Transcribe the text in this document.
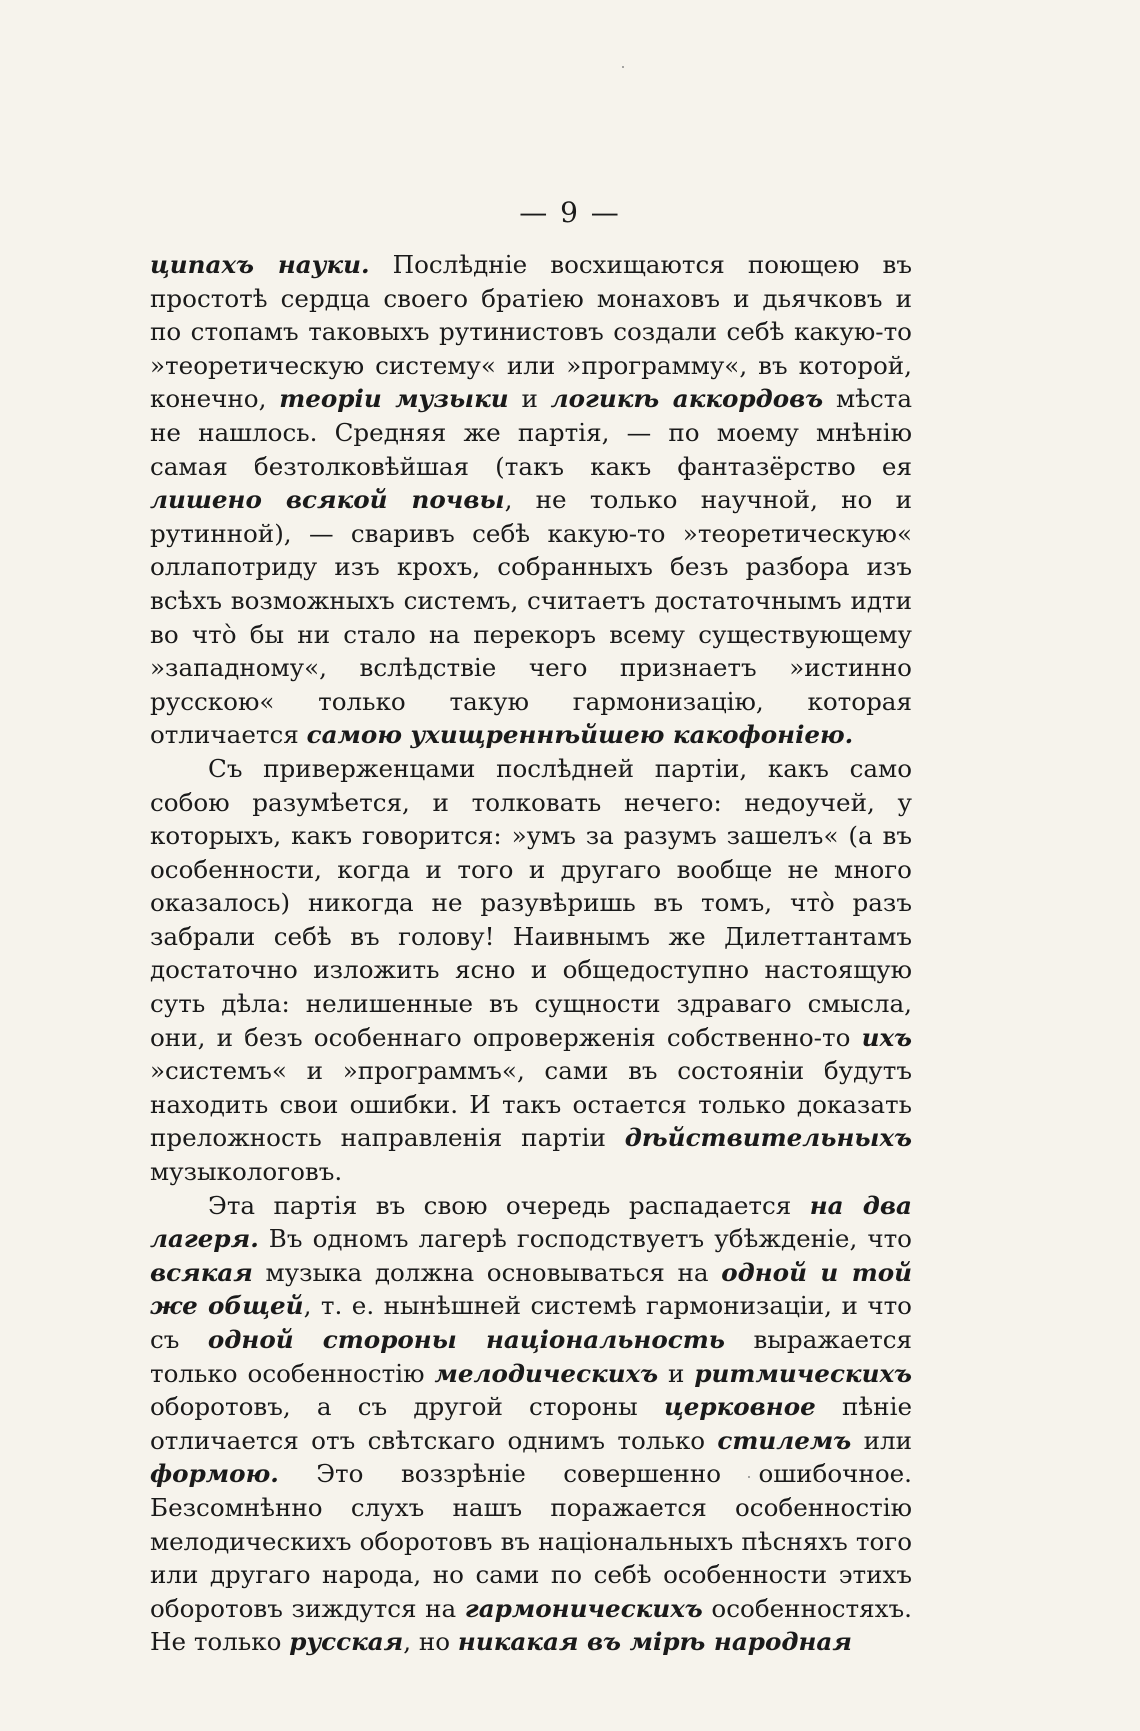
— 9 —

ципахъ науки. Послѣдніе восхищаются поющею въ простотѣ сердца своего братіею монаховъ и дьячковъ и по стопамъ таковыхъ рутинистовъ создали себѣ какую-то »теоретическую систему« или »программу«, въ которой, конечно, теоріи музыки и логикѣ аккордовъ мѣста не нашлось. Средняя же партія, — по моему мнѣнію самая безтолковѣйшая (такъ какъ фантазёрство ея лишено всякой почвы, не только научной, но и рутинной), — сваривъ себѣ какую-то »теоретическую« оллапотриду изъ крохъ, собранныхъ безъ разбора изъ всѣхъ возможныхъ системъ, считаетъ достаточнымъ идти во что̀ бы ни стало на перекоръ всему существующему »западному«, вслѣдствіе чего признаетъ »истинно русскою« только такую гармонизацію, которая отличается самою ухищреннѣйшею какофоніею.

Съ приверженцами послѣдней партіи, какъ само собою разумѣется, и толковать нечего: недоучей, у которыхъ, какъ говорится: »умъ за разумъ зашелъ« (а въ особенности, когда и того и другаго вообще не много оказалось) никогда не разувѣришь въ томъ, что̀ разъ забрали себѣ въ голову! Наивнымъ же Дилеттантамъ достаточно изложить ясно и общедоступно настоящую суть дѣла: нелишенные въ сущности здраваго смысла, они, и безъ особеннаго опроверженія собственно-то ихъ »системъ« и »программъ«, сами въ состояніи будутъ находить свои ошибки. И такъ остается только доказать преложность направленія партіи дѣйствительныхъ музыкологовъ.

Эта партія въ свою очередь распадается на два лагеря. Въ одномъ лагерѣ господствуетъ убѣжденіе, что всякая музыка должна основываться на одной и той же общей, т. е. нынѣшней системѣ гармонизаціи, и что съ одной стороны національность выражается только особенностію мелодическихъ и ритмическихъ оборотовъ, а съ другой стороны церковное пѣніе отличается отъ свѣтскаго однимъ только стилемъ или формою. Это воззрѣніе совершенно ошибочное. Безсомнѣнно слухъ нашъ поражается особенностію мелодическихъ оборотовъ въ національныхъ пѣсняхъ того или другаго народа, но сами по себѣ особенности этихъ оборотовъ зиждутся на гармоническихъ особенностяхъ. Не только русская, но никакая въ мірѣ народная
